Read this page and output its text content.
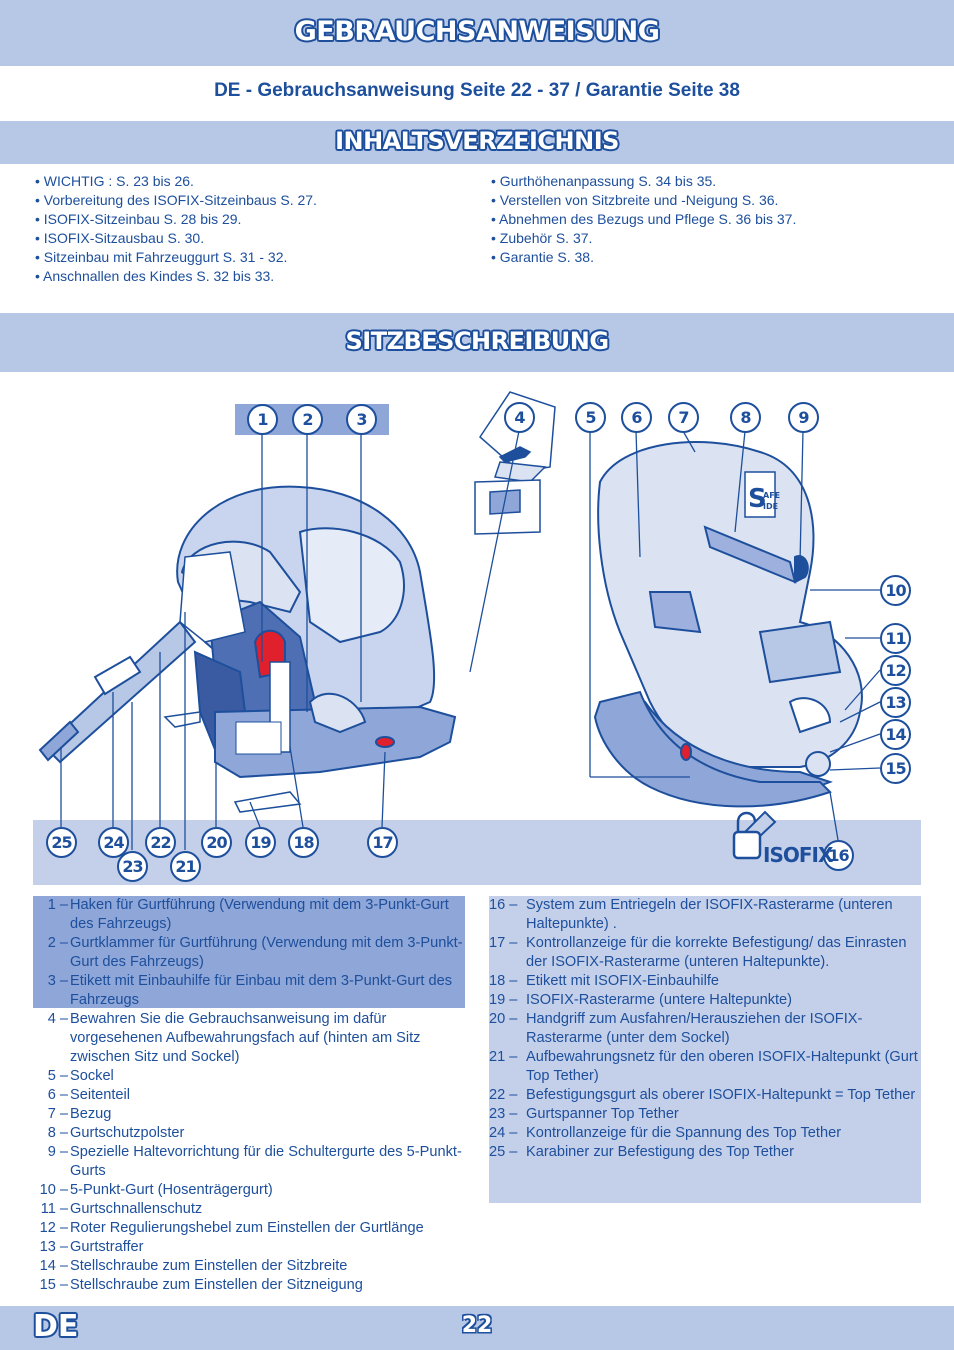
GEBRAUCHSANWEISUNG
DE - Gebrauchsanweisung Seite 22 - 37 / Garantie Seite 38
INHALTSVERZEICHNIS
• WICHTIG : S. 23 bis 26.
• Vorbereitung des ISOFIX-Sitzeinbaus S. 27.
• ISOFIX-Sitzeinbau S. 28 bis 29.
• ISOFIX-Sitzausbau S. 30.
• Sitzeinbau mit Fahrzeuggurt S. 31 - 32.
• Anschnallen des Kindes S. 32 bis 33.
• Gurthöhenanpassung S. 34 bis 35.
• Verstellen von Sitzbreite und -Neigung S. 36.
• Abnehmen des Bezugs und Pflege S. 36 bis 37.
• Zubehör S. 37.
• Garantie S. 38.
SITZBESCHREIBUNG
S
AFE
IDE
1	2	3	4	5	6	7	8	9
10
11
12
13
14
15
16
17
18
19
20
21
22
23
24
25
ISOFIX
1 – Haken für Gurtführung (Verwendung mit dem 3-Punkt-Gurt des Fahrzeugs)
2 – Gurtklammer für Gurtführung (Verwendung mit dem 3-Punkt-Gurt des Fahrzeugs)
3 – Etikett mit Einbauhilfe für Einbau mit dem 3-Punkt-Gurt des Fahrzeugs
4 – Bewahren Sie die Gebrauchsanweisung im dafür vorgesehenen Aufbewahrungsfach auf (hinten am Sitz zwischen Sitz und Sockel)
5 – Sockel
6 – Seitenteil
7 – Bezug
8 – Gurtschutzpolster
9 – Spezielle Haltevorrichtung für die Schultergurte des 5-Punkt-Gurts
10 – 5-Punkt-Gurt (Hosenträgergurt)
11 – Gurtschnallenschutz
12 – Roter Regulierungshebel zum Einstellen der Gurtlänge
13 – Gurtstraffer
14 – Stellschraube zum Einstellen der Sitzbreite
15 – Stellschraube zum Einstellen der Sitzneigung
16 – System zum Entriegeln der ISOFIX-Rasterarme (unteren Haltepunkte) .
17 – Kontrollanzeige für die korrekte Befestigung/ das Einrasten der ISOFIX-Rasterarme (unteren Haltepunkte).
18 – Etikett mit ISOFIX-Einbauhilfe
19 – ISOFIX-Rasterarme (untere Haltepunkte)
20 – Handgriff zum Ausfahren/Herausziehen der ISOFIX-Rasterarme (unter dem Sockel)
21 – Aufbewahrungsnetz für den oberen ISOFIX-Haltepunkt (Gurt Top Tether)
22 – Befestigungsgurt als oberer ISOFIX-Haltepunkt = Top Tether
23 – Gurtspanner Top Tether
24 – Kontrollanzeige für die Spannung des Top Tether
25 – Karabiner zur Befestigung des Top Tether
DE	22
